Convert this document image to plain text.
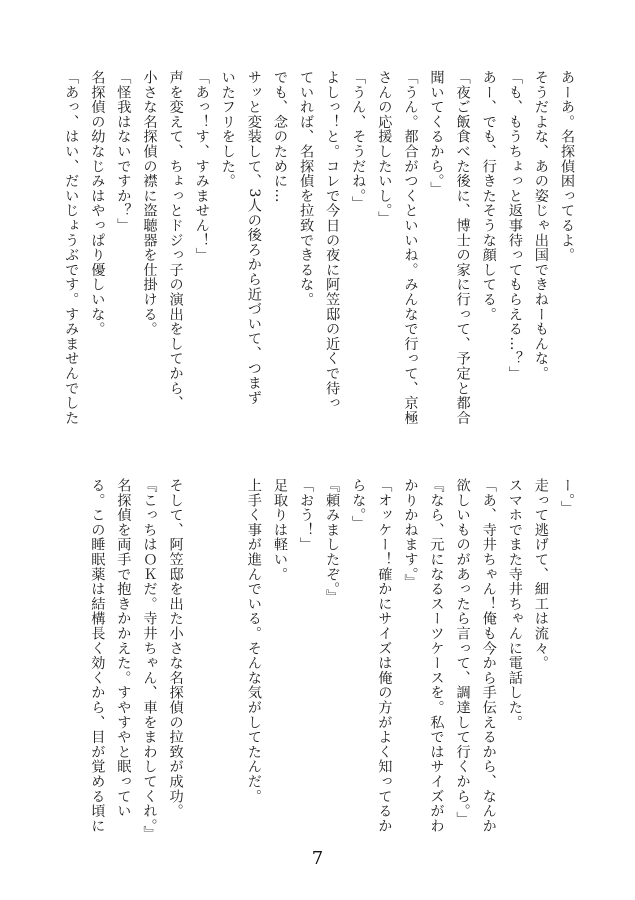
あーあ。名探偵困ってるよ。
そうだよな、あの姿じゃ出国できねーもんな。
「も、もうちょっと返事待ってもらえる…？」
あー、でも、行きたそうな顔してる。
「夜ご飯食べた後に、博士の家に行って、予定と都合
聞いてくるから。」
「うん。都合がつくといいね。みんなで行って、京極
さんの応援したいし。」
「うん、そうだね。」
よしっ！と。コレで今日の夜に阿笠邸の近くで待っ
ていれば、名探偵を拉致できるな。
でも、念のために…
サッと変装して、3人の後ろから近づいて、つまず
いたフリをした。
「あっ！す、すみません！」
声を変えて、ちょっとドジっ子の演出をしてから、
小さな名探偵の襟に盗聴器を仕掛ける。
「怪我はないですか？」
名探偵の幼なじみはやっぱり優しいな。
「あっ、はい、だいじょうぶです。すみませんでした
ー。」
走って逃げて、細工は流々。
スマホでまた寺井ちゃんに電話した。
「あ、寺井ちゃん！俺も今から手伝えるから、なんか
欲しいものがあったら言って、調達して行くから。」
『なら、元になるスーツケースを。私ではサイズがわ
かりかねます。』
「オッケー！確かにサイズは俺の方がよく知ってるか
らな。」
『頼みましたぞ。』
「おう！」
足取りは軽い。
上手く事が進んでいる。そんな気がしてたんだ。

そして、阿笠邸を出た小さな名探偵の拉致が成功。
『こっちはＯＫだ。寺井ちゃん、車をまわしてくれ。』
名探偵を両手で抱きかかえた。すやすやと眠ってい
る。この睡眠薬は結構長く効くから、目が覚める頃に
7
